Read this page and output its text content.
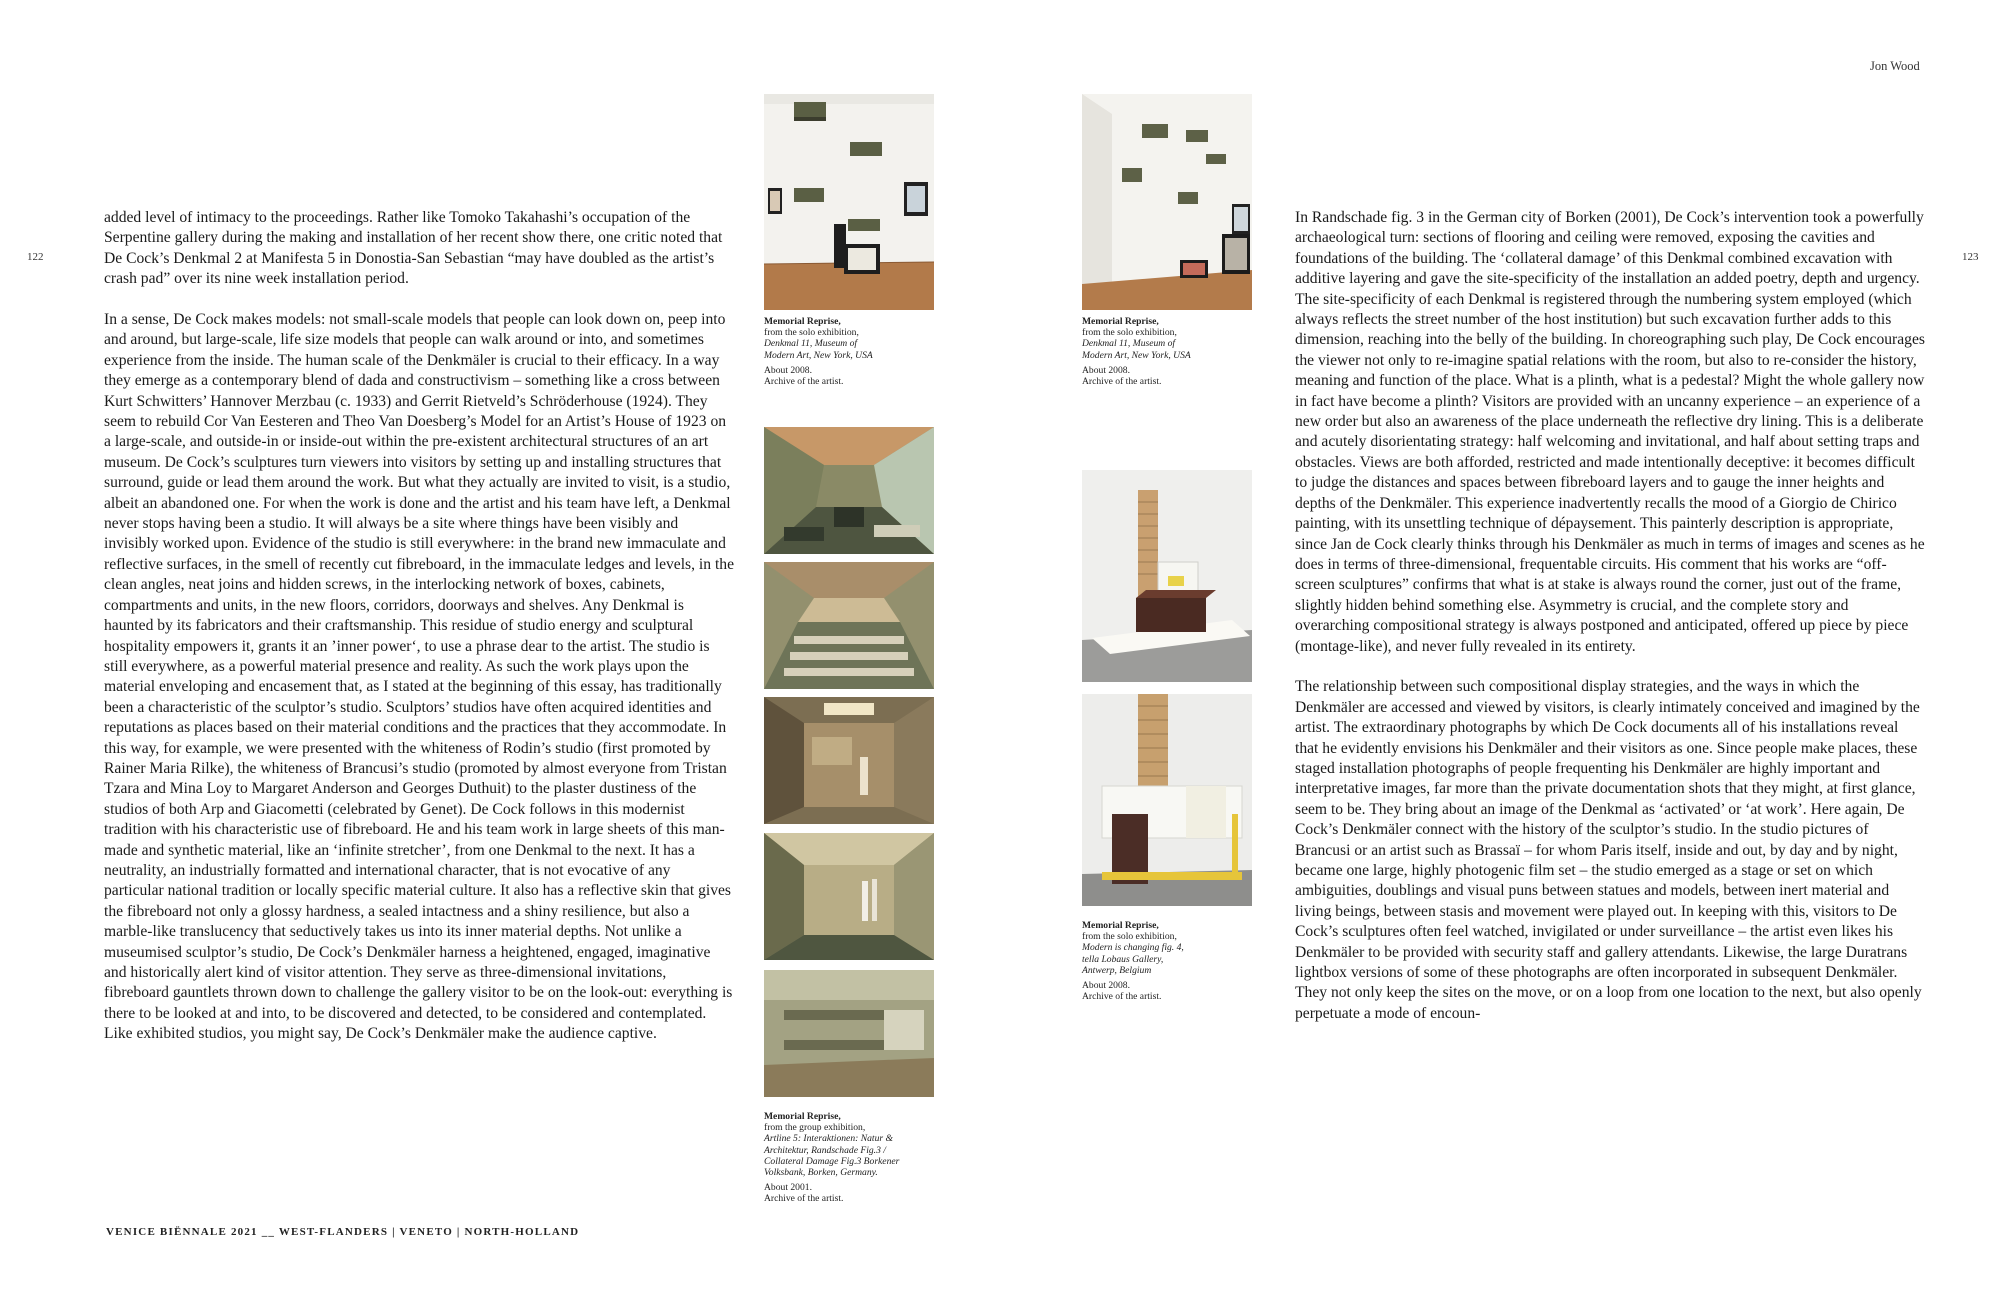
Jon Wood
122	123

added level of intimacy to the proceedings. Rather like Tomoko Takahashi’s occupation of the Serpentine gallery during the making and installation of her recent show there, one critic noted that De Cock’s Denkmal 2 at Manifesta 5 in Donostia-San Sebastian “may have doubled as the artist’s crash pad” over its nine week installation period.

In a sense, De Cock makes models: not small-scale models that people can look down on, peep into and around, but large-scale, life size models that people can walk around or into, and sometimes experience from the inside. The human scale of the Denkmäler is crucial to their efficacy. In a way they emerge as a contemporary blend of dada and constructivism – something like a cross between Kurt Schwitters’ Hannover Merzbau (c. 1933) and Gerrit Rietveld’s Schröderhouse (1924). They seem to rebuild Cor Van Eesteren and Theo Van Doesberg’s Model for an Artist’s House of 1923 on a large-scale, and outside-in or inside-out within the pre-existent architectural structures of an art museum. De Cock’s sculptures turn viewers into visitors by setting up and installing structures that surround, guide or lead them around the work. But what they actually are invited to visit, is a studio, albeit an abandoned one. For when the work is done and the artist and his team have left, a Denkmal never stops having been a studio. It will always be a site where things have been visibly and invisibly worked upon. Evidence of the studio is still everywhere: in the brand new immaculate and reflective surfaces, in the smell of recently cut fibreboard, in the immaculate ledges and levels, in the clean angles, neat joins and hidden screws, in the interlocking network of boxes, cabinets, compartments and units, in the new floors, corridors, doorways and shelves. Any Denkmal is haunted by its fabricators and their craftsmanship. This residue of studio energy and sculptural hospitality empowers it, grants it an ’inner power‘, to use a phrase dear to the artist. The studio is still everywhere, as a powerful material presence and reality. As such the work plays upon the material enveloping and encasement that, as I stated at the beginning of this essay, has traditionally been a characteristic of the sculptor’s studio. Sculptors’ studios have often acquired identities and reputations as places based on their material conditions and the practices that they accommodate. In this way, for example, we were presented with the whiteness of Rodin’s studio (first promoted by Rainer Maria Rilke), the whiteness of Brancusi’s studio (promoted by almost everyone from Tristan Tzara and Mina Loy to Margaret Anderson and Georges Duthuit) to the plaster dustiness of the studios of both Arp and Giacometti (celebrated by Genet). De Cock follows in this modernist tradition with his characteristic use of fibreboard. He and his team work in large sheets of this man-made and synthetic material, like an ‘infinite stretcher’, from one Denkmal to the next. It has a neutrality, an industrially formatted and international character, that is not evocative of any particular national tradition or locally specific material culture. It also has a reflective skin that gives the fibreboard not only a glossy hardness, a sealed intactness and a shiny resilience, but also a marble-like translucency that seductively takes us into its inner material depths. Not unlike a museumised sculptor’s studio, De Cock’s Denkmäler harness a heightened, engaged, imaginative and historically alert kind of visitor attention. They serve as three-dimensional invitations, fibreboard gauntlets thrown down to challenge the gallery visitor to be on the look-out: everything is there to be looked at and into, to be discovered and detected, to be considered and contemplated. Like exhibited studios, you might say, De Cock’s Denkmäler make the audience captive.

In Randschade fig. 3 in the German city of Borken (2001), De Cock’s intervention took a powerfully archaeological turn: sections of flooring and ceiling were removed, exposing the cavities and foundations of the building. The ‘collateral damage’ of this Denkmal combined excavation with additive layering and gave the site-specificity of the installation an added poetry, depth and urgency. The site-specificity of each Denkmal is registered through the numbering system employed (which always reflects the street number of the host institution) but such excavation further adds to this dimension, reaching into the belly of the building. In choreographing such play, De Cock encourages the viewer not only to re-imagine spatial relations with the room, but also to re-consider the history, meaning and function of the place. What is a plinth, what is a pedestal? Might the whole gallery now in fact have become a plinth? Visitors are provided with an uncanny experience – an experience of a new order but also an awareness of the place underneath the reflective dry lining. This is a deliberate and acutely disorientating strategy: half welcoming and invitational, and half about setting traps and obstacles. Views are both afforded, restricted and made intentionally deceptive: it becomes difficult to judge the distances and spaces between fibreboard layers and to gauge the inner heights and depths of the Denkmäler. This experience inadvertently recalls the mood of a Giorgio de Chirico painting, with its unsettling technique of dépaysement. This painterly description is appropriate, since Jan de Cock clearly thinks through his Denkmäler as much in terms of images and scenes as he does in terms of three-dimensional, frequentable circuits. His comment that his works are “off-screen sculptures” confirms that what is at stake is always round the corner, just out of the frame, slightly hidden behind something else. Asymmetry is crucial, and the complete story and overarching compositional strategy is always postponed and anticipated, offered up piece by piece (montage-like), and never fully revealed in its entirety.

The relationship between such compositional display strategies, and the ways in which the Denkmäler are accessed and viewed by visitors, is clearly intimately conceived and imagined by the artist. The extraordinary photographs by which De Cock documents all of his installations reveal that he evidently envisions his Denkmäler and their visitors as one. Since people make places, these staged installation photographs of people frequenting his Denkmäler are highly important and interpretative images, far more than the private documentation shots that they might, at first glance, seem to be. They bring about an image of the Denkmal as ‘activated’ or ‘at work’. Here again, De Cock’s Denkmäler connect with the history of the sculptor’s studio. In the studio pictures of Brancusi or an artist such as Brassaï – for whom Paris itself, inside and out, by day and by night, became one large, highly photogenic film set – the studio emerged as a stage or set on which ambiguities, doublings and visual puns between statues and models, between inert material and living beings, between stasis and movement were played out. In keeping with this, visitors to De Cock’s sculptures often feel watched, invigilated or under surveillance – the artist even likes his Denkmäler to be provided with security staff and gallery attendants. Likewise, the large Duratrans lightbox versions of some of these photographs are often incorporated in subsequent Denkmäler. They not only keep the sites on the move, or on a loop from one location to the next, but also openly perpetuate a mode of encoun-

Memorial Reprise,
from the solo exhibition,
Denkmal 11, Museum of
Modern Art, New York, USA
About 2008.
Archive of the artist.
Memorial Reprise,
from the solo exhibition,
Denkmal 11, Museum of
Modern Art, New York, USA
About 2008.
Archive of the artist.
Memorial Reprise,
from the group exhibition,
Artline 5: Interaktionen: Natur &
Architektur, Randschade Fig.3 /
Collateral Damage Fig.3 Borkener
Volksbank, Borken, Germany.
About 2001.
Archive of the artist.
Memorial Reprise,
from the solo exhibition,
Modern is changing fig. 4,
tella Lobaus Gallery,
Antwerp, Belgium
About 2008.
Archive of the artist.
VENICE BIËNNALE 2021 __ WEST-FLANDERS | VENETO | NORTH-HOLLAND
